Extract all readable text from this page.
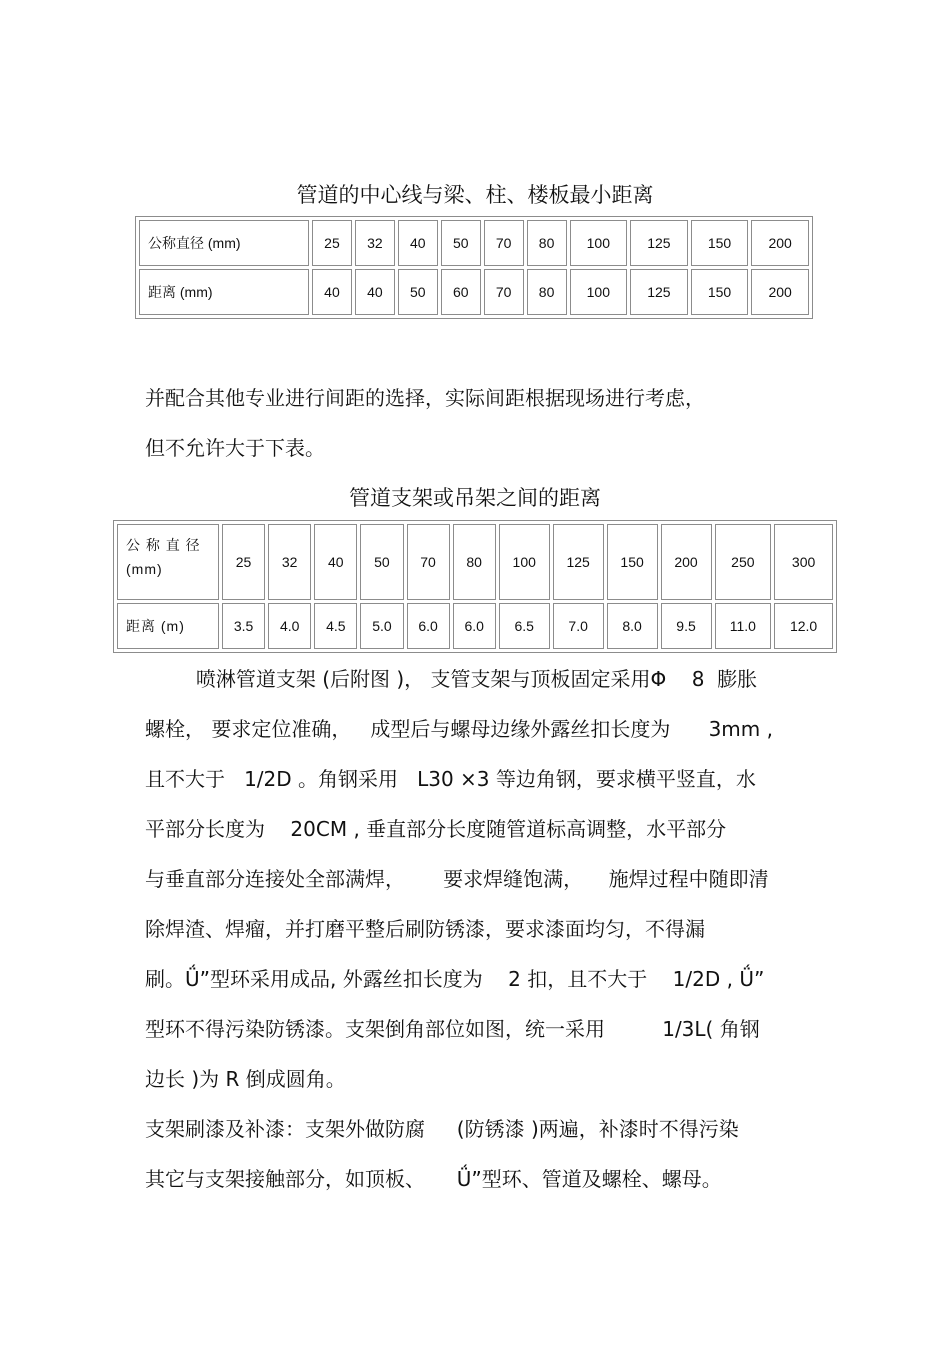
管道的中心线与梁、柱、楼板最小距离
公称直径 (mm)	25	32	40	50	70	80	100	125	150	200
距离 (mm)	40	40	50	60	70	80	100	125	150	200
并配合其他专业进行间距的选择，实际间距根据现场进行考虑，
但不允许大于下表。
管道支架或吊架之间的距离
公 称 直 径
(mm)	25	32	40	50	70	80	100	125	150	200	250	300
距离 (m)	3.5	4.0	4.5	5.0	6.0	6.0	6.5	7.0	8.0	9.5	11.0	12.0
喷淋管道支架 (后附图 )， 支管支架与顶板固定采用Φ    8  膨胀
螺栓， 要求定位准确，   成型后与螺母边缘外露丝扣长度为      3mm ,
且不大于   1/2D 。角钢采用   L30 ×3 等边角钢，要求横平竖直，水
平部分长度为    20CM , 垂直部分长度随管道标高调整，水平部分
与垂直部分连接处全部满焊，      要求焊缝饱满，    施焊过程中随即清
除焊渣、焊瘤，并打磨平整后刷防锈漆，要求漆面均匀，不得漏
刷。Ǘ”型环采用成品, 外露丝扣长度为    2 扣，且不大于    1/2D , Ǘ”
型环不得污染防锈漆。支架倒角部位如图，统一采用         1/3L( 角钢
边长 )为 R 倒成圆角。
支架刷漆及补漆：支架外做防腐     (防锈漆 )两遍，补漆时不得污染
其它与支架接触部分，如顶板、     Ǘ”型环、管道及螺栓、螺母。
